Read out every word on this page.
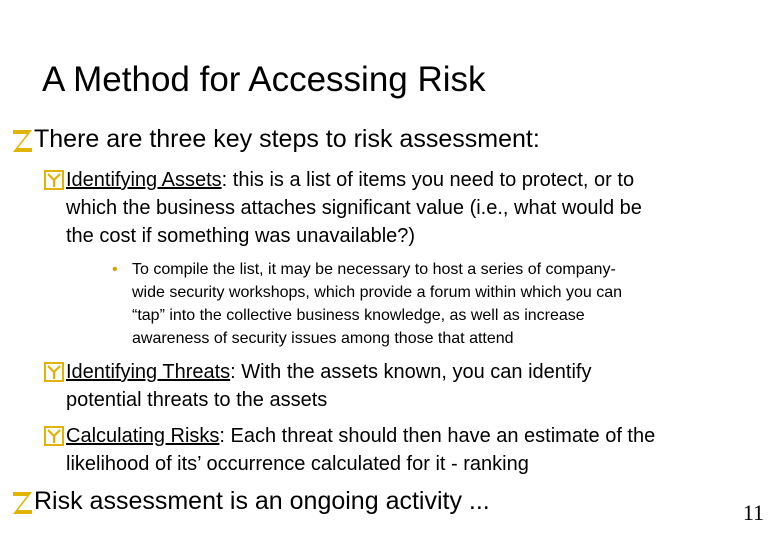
A Method for Accessing Risk
There are three key steps to risk assessment:
Identifying Assets: this is a list of items you need to protect, or to
which the business attaches significant value (i.e., what would be
the cost if something was unavailable?)
• To compile the list, it may be necessary to host a series of company-
wide security workshops, which provide a forum within which you can
“tap” into the collective business knowledge, as well as increase
awareness of security issues among those that attend
Identifying Threats: With the assets known, you can identify
potential threats to the assets
Calculating Risks: Each threat should then have an estimate of the
likelihood of its’ occurrence calculated for it - ranking
Risk assessment is an ongoing activity ...	11
